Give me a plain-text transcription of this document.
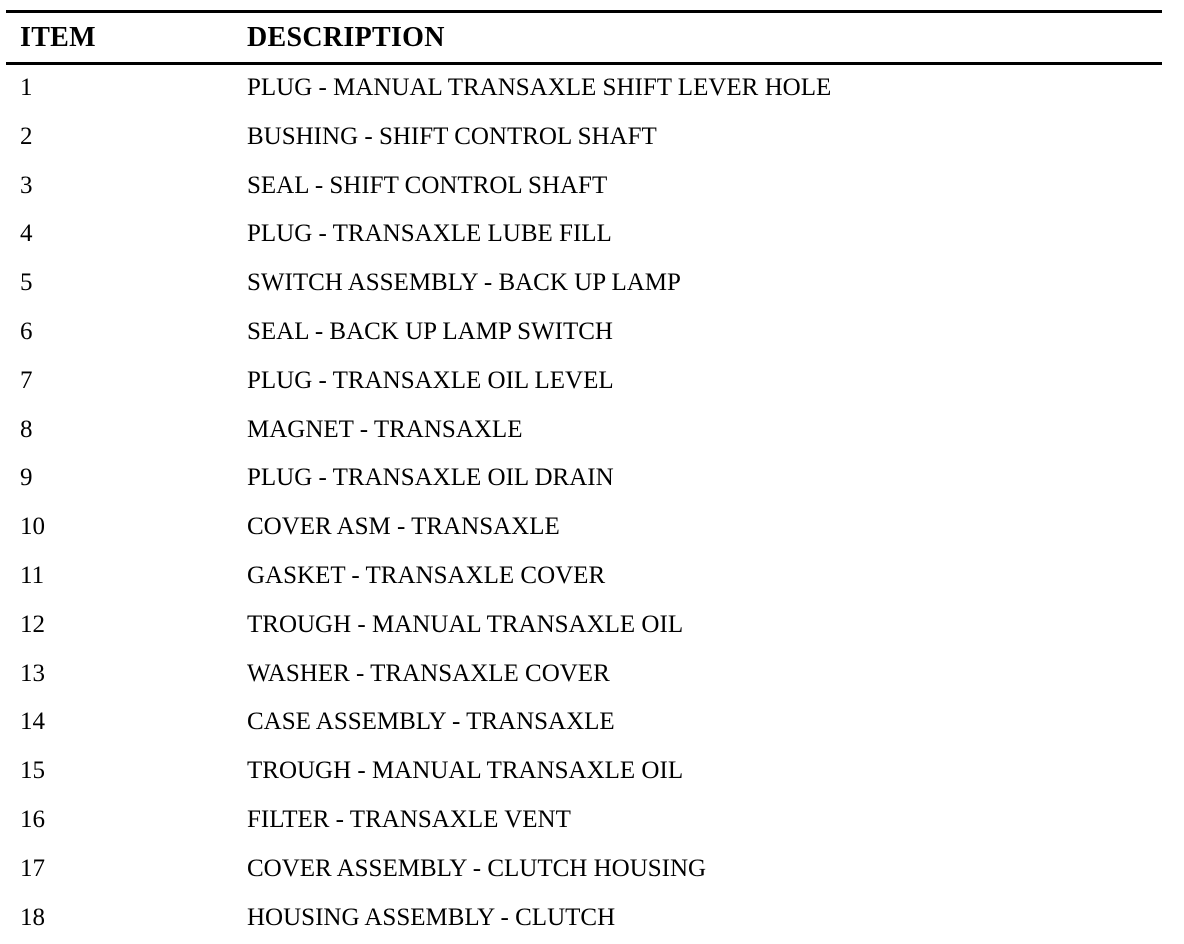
ITEM	DESCRIPTION
1	PLUG - MANUAL TRANSAXLE SHIFT LEVER HOLE
2	BUSHING - SHIFT CONTROL SHAFT
3	SEAL - SHIFT CONTROL SHAFT
4	PLUG - TRANSAXLE LUBE FILL
5	SWITCH ASSEMBLY - BACK UP LAMP
6	SEAL - BACK UP LAMP SWITCH
7	PLUG - TRANSAXLE OIL LEVEL
8	MAGNET - TRANSAXLE
9	PLUG - TRANSAXLE OIL DRAIN
10	COVER ASM - TRANSAXLE
11	GASKET - TRANSAXLE COVER
12	TROUGH - MANUAL TRANSAXLE OIL
13	WASHER - TRANSAXLE COVER
14	CASE ASSEMBLY - TRANSAXLE
15	TROUGH - MANUAL TRANSAXLE OIL
16	FILTER - TRANSAXLE VENT
17	COVER ASSEMBLY - CLUTCH HOUSING
18	HOUSING ASSEMBLY - CLUTCH
